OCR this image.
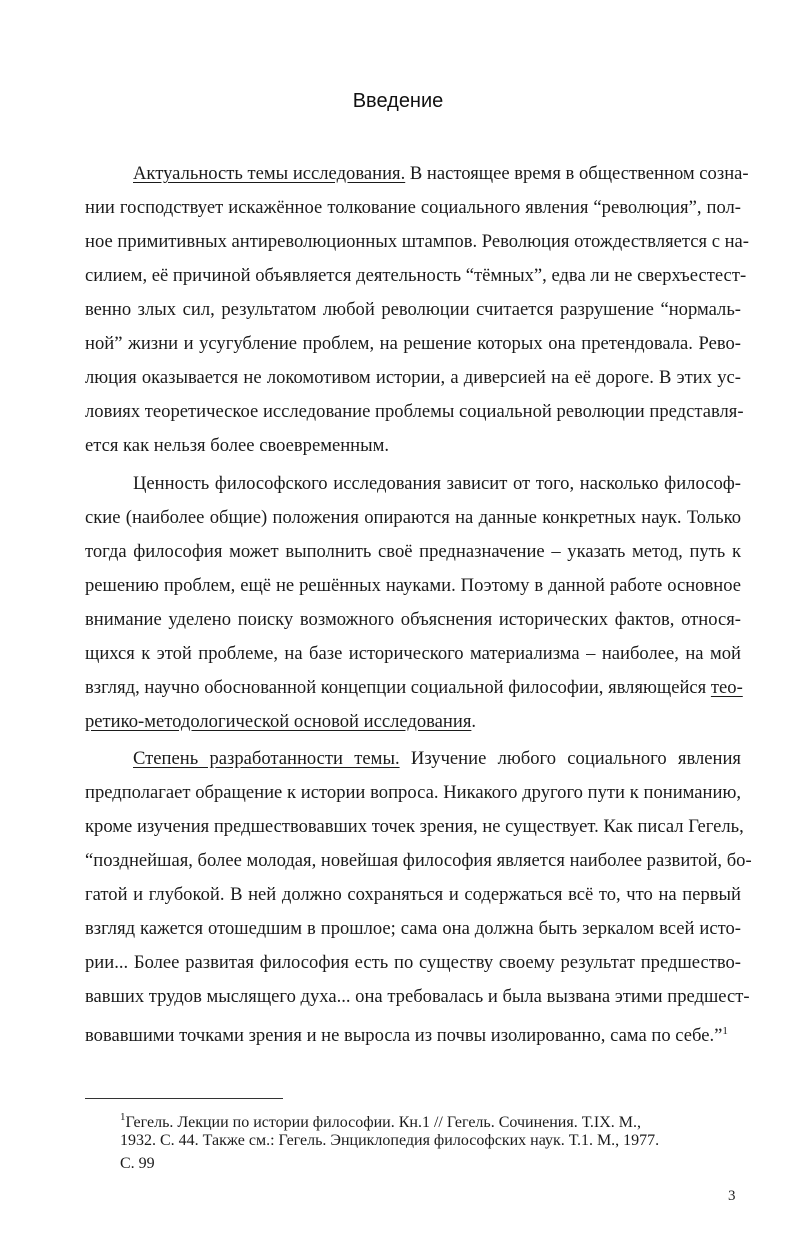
Введение
Актуальность темы исследования. В настоящее время в общественном созна-
нии господствует искажённое толкование социального явления “революция”, пол-
ное примитивных антиреволюционных штампов. Революция отождествляется с на-
силием, её причиной объявляется деятельность “тёмных”, едва ли не сверхъестест-
венно злых сил, результатом любой революции считается разрушение “нормаль-
ной” жизни и усугубление проблем, на решение которых она претендовала. Рево-
люция оказывается не локомотивом истории, а диверсией на её дороге. В этих ус-
ловиях теоретическое исследование проблемы социальной революции представля-
ется как нельзя более своевременным.
Ценность философского исследования зависит от того, насколько философ-
ские (наиболее общие) положения опираются на данные конкретных наук. Только
тогда философия может выполнить своё предназначение – указать метод, путь к
решению проблем, ещё не решённых науками. Поэтому в данной работе основное
внимание уделено поиску возможного объяснения исторических фактов, относя-
щихся к этой проблеме, на базе исторического материализма – наиболее, на мой
взгляд, научно обоснованной концепции социальной философии, являющейся тео-
ретико-методологической основой исследования.
Степень разработанности темы. Изучение любого социального явления
предполагает обращение к истории вопроса. Никакого другого пути к пониманию,
кроме изучения предшествовавших точек зрения, не существует. Как писал Гегель,
“позднейшая, более молодая, новейшая философия является наиболее развитой, бо-
гатой и глубокой. В ней должно сохраняться и содержаться всё то, что на первый
взгляд кажется отошедшим в прошлое; сама она должна быть зеркалом всей исто-
рии... Более развитая философия есть по существу своему результат предшество-
вавших трудов мыслящего духа... она требовалась и была вызвана этими предшест-
вовавшими точками зрения и не выросла из почвы изолированно, сама по себе.”$^1$
$^1$Гегель. Лекции по истории философии. Кн.1 // Гегель. Сочинения. Т.IX. М.,
1932. С. 44. Также см.: Гегель. Энциклопедия философских наук. Т.1. М., 1977.
С. 99
3
